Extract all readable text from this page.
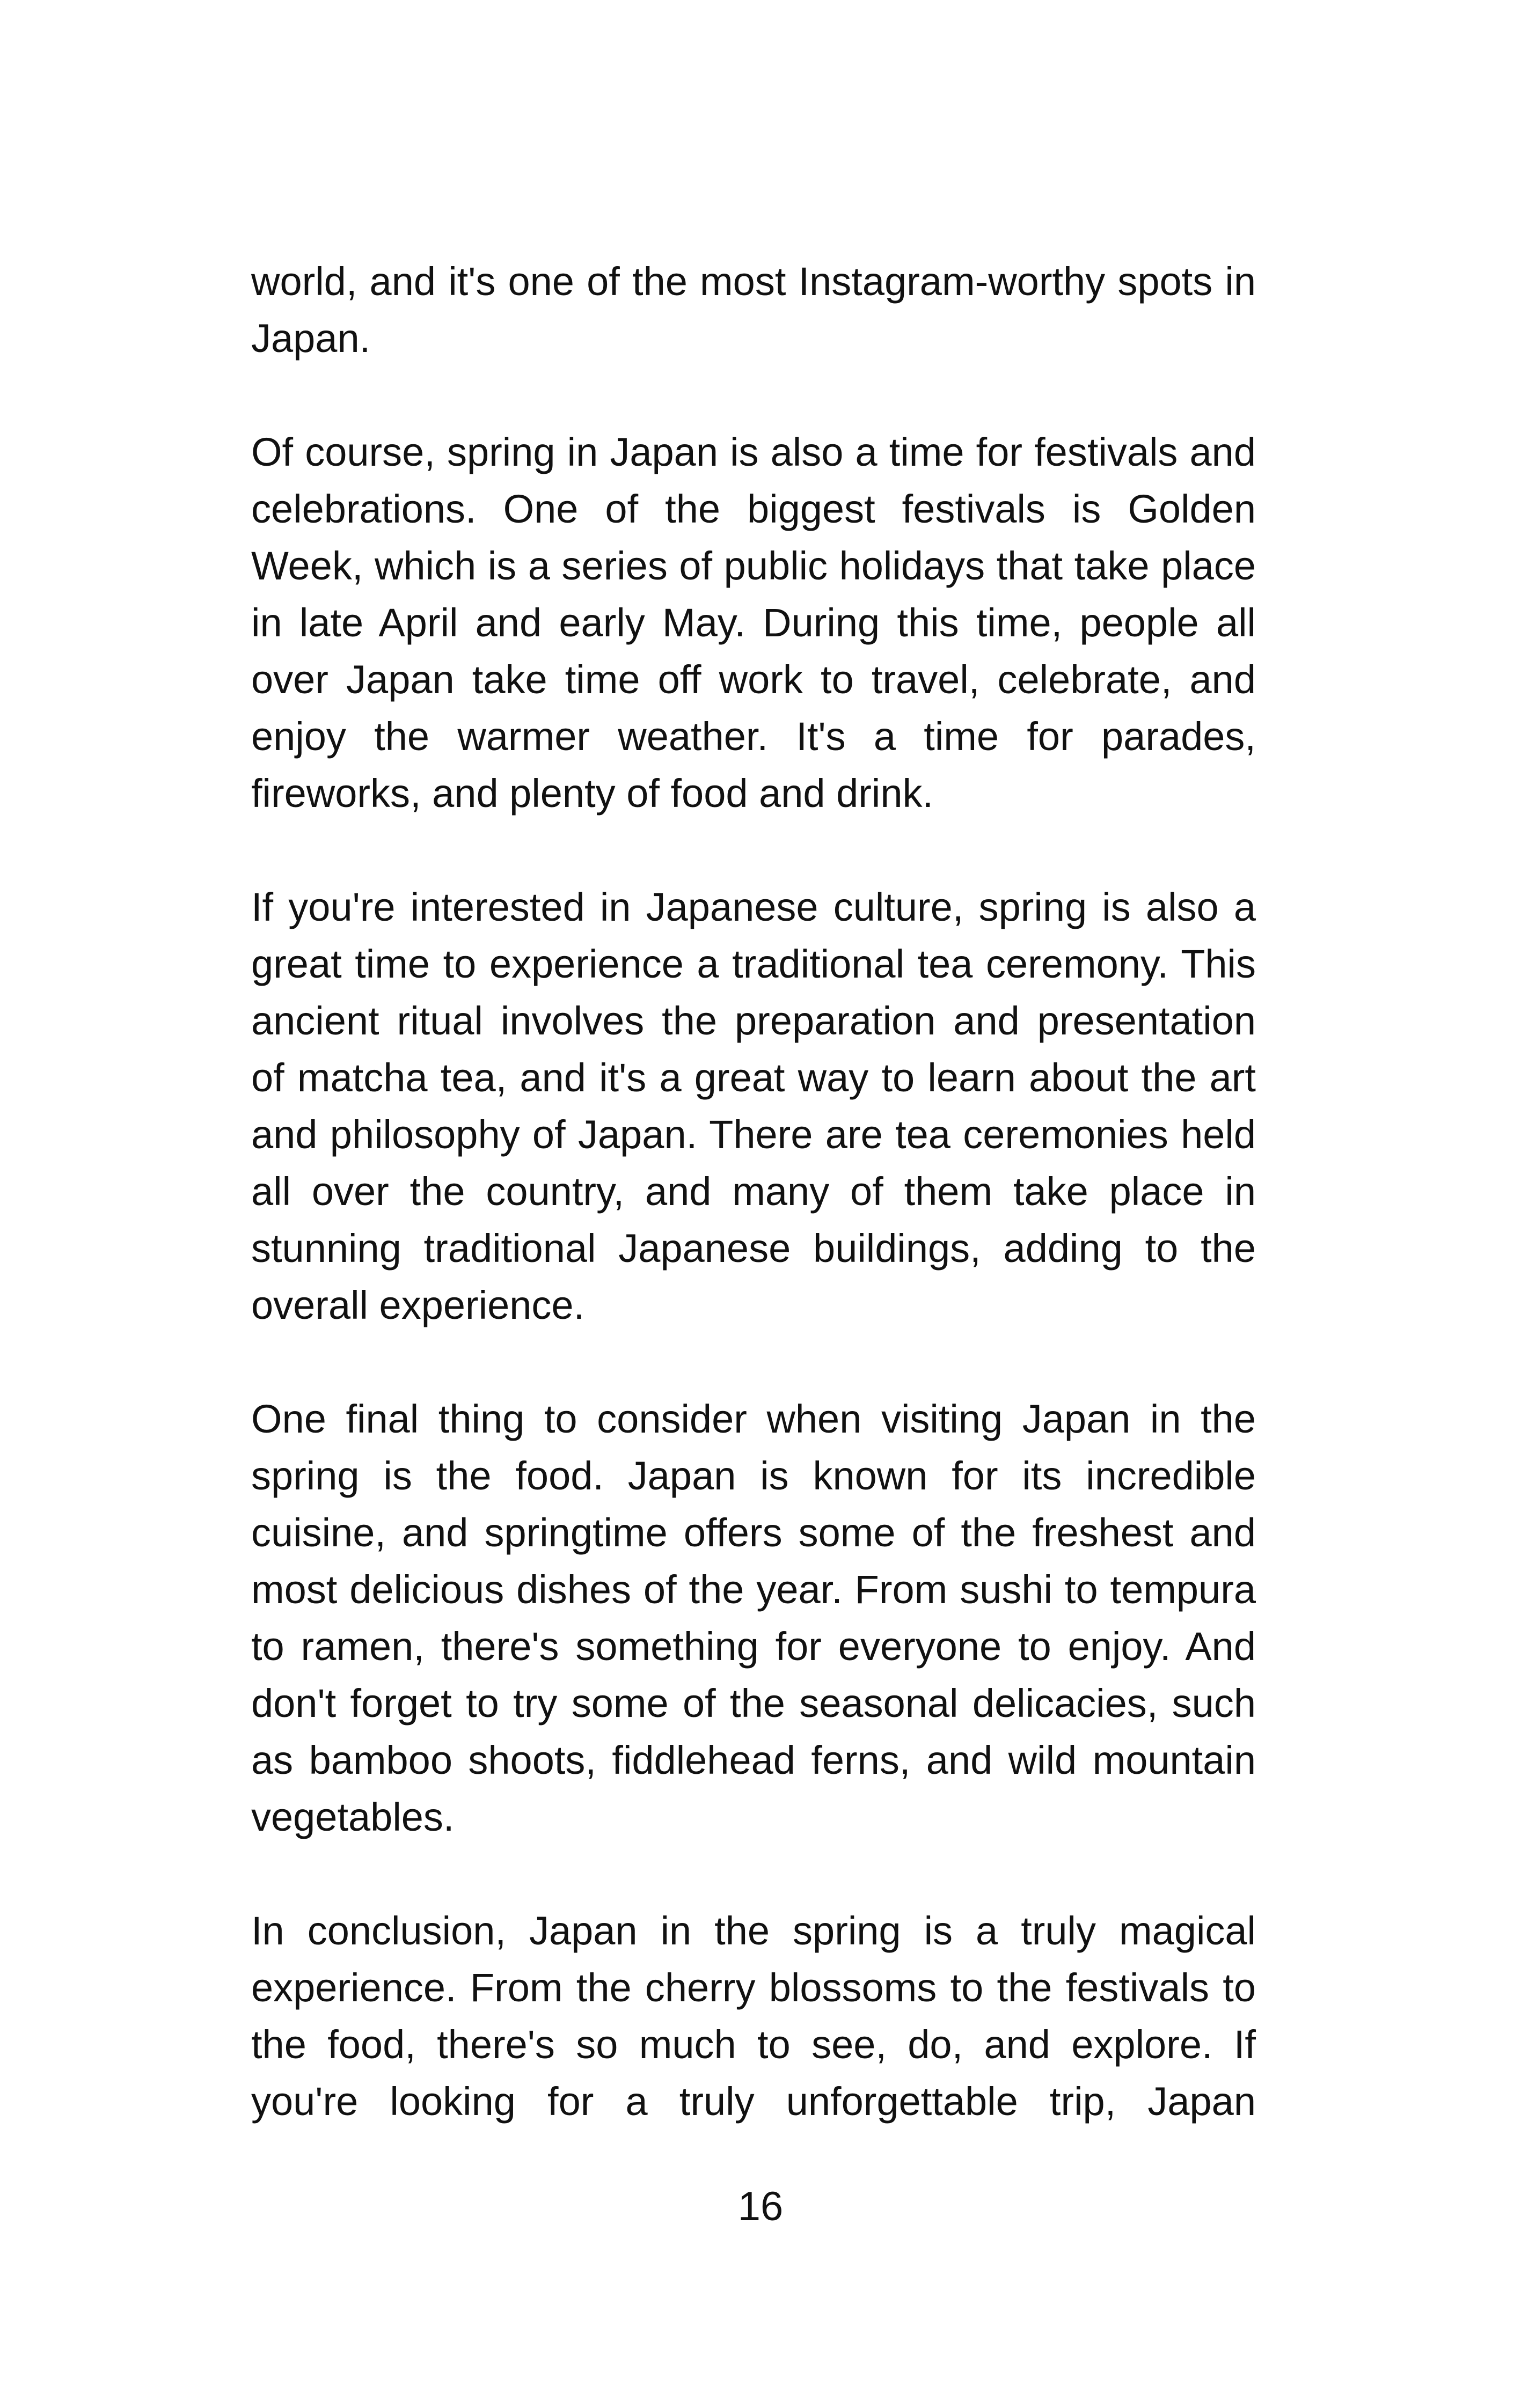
world, and it's one of the most Instagram-worthy spots in Japan.

Of course, spring in Japan is also a time for festivals and celebrations. One of the biggest festivals is Golden Week, which is a series of public holidays that take place in late April and early May. During this time, people all over Japan take time off work to travel, celebrate, and enjoy the warmer weather. It's a time for parades, fireworks, and plenty of food and drink.

If you're interested in Japanese culture, spring is also a great time to experience a traditional tea ceremony. This ancient ritual involves the preparation and presentation of matcha tea, and it's a great way to learn about the art and philosophy of Japan. There are tea ceremonies held all over the country, and many of them take place in stunning traditional Japanese buildings, adding to the overall experience.

One final thing to consider when visiting Japan in the spring is the food. Japan is known for its incredible cuisine, and springtime offers some of the freshest and most delicious dishes of the year. From sushi to tempura to ramen, there's something for everyone to enjoy. And don't forget to try some of the seasonal delicacies, such as bamboo shoots, fiddlehead ferns, and wild mountain vegetables.

In conclusion, Japan in the spring is a truly magical experience. From the cherry blossoms to the festivals to the food, there's so much to see, do, and explore. If you're looking for a truly unforgettable trip, Japan

16
